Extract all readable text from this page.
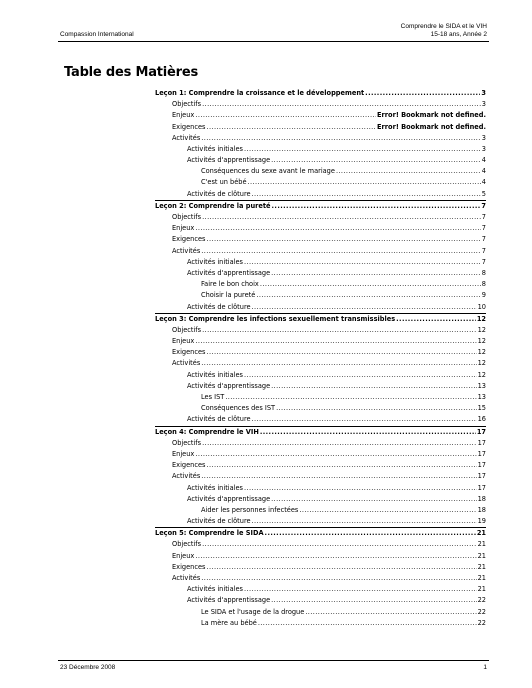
Compassion International
Comprendre le SIDA et le VIH
15-18 ans, Année 2
Table des Matières
Leçon 1: Comprendre la croissance et le développement .....	3
Objectifs .....	3
Enjeux .....	Error! Bookmark not defined.
Exigences .....	Error! Bookmark not defined.
Activités .....	3
Activités initiales .....	3
Activités d'apprentissage .....	4
Conséquences du sexe avant le mariage .....	4
C'est un bébé .....	4
Activités de clôture .....	5
Leçon 2: Comprendre la pureté .....	7
Objectifs .....	7
Enjeux .....	7
Exigences .....	7
Activités .....	7
Activités initiales .....	7
Activités d'apprentissage .....	8
Faire le bon choix .....	8
Choisir la pureté .....	9
Activités de clôture .....	10
Leçon 3: Comprendre les infections sexuellement transmissibles .....	12
Objectifs .....	12
Enjeux .....	12
Exigences .....	12
Activités .....	12
Activités initiales .....	12
Activités d'apprentissage .....	13
Les IST .....	13
Conséquences des IST .....	15
Activités de clôture .....	16
Leçon 4: Comprendre le VIH .....	17
Objectifs .....	17
Enjeux .....	17
Exigences .....	17
Activités .....	17
Activités initiales .....	17
Activités d'apprentissage .....	18
Aider les personnes infectées .....	18
Activités de clôture .....	19
Leçon 5: Comprendre le SIDA .....	21
Objectifs .....	21
Enjeux .....	21
Exigences .....	21
Activités .....	21
Activités initiales .....	21
Activités d'apprentissage .....	22
Le SIDA et l'usage de la drogue .....	22
La mère au bébé .....	22
23 Décembre 2008	1
